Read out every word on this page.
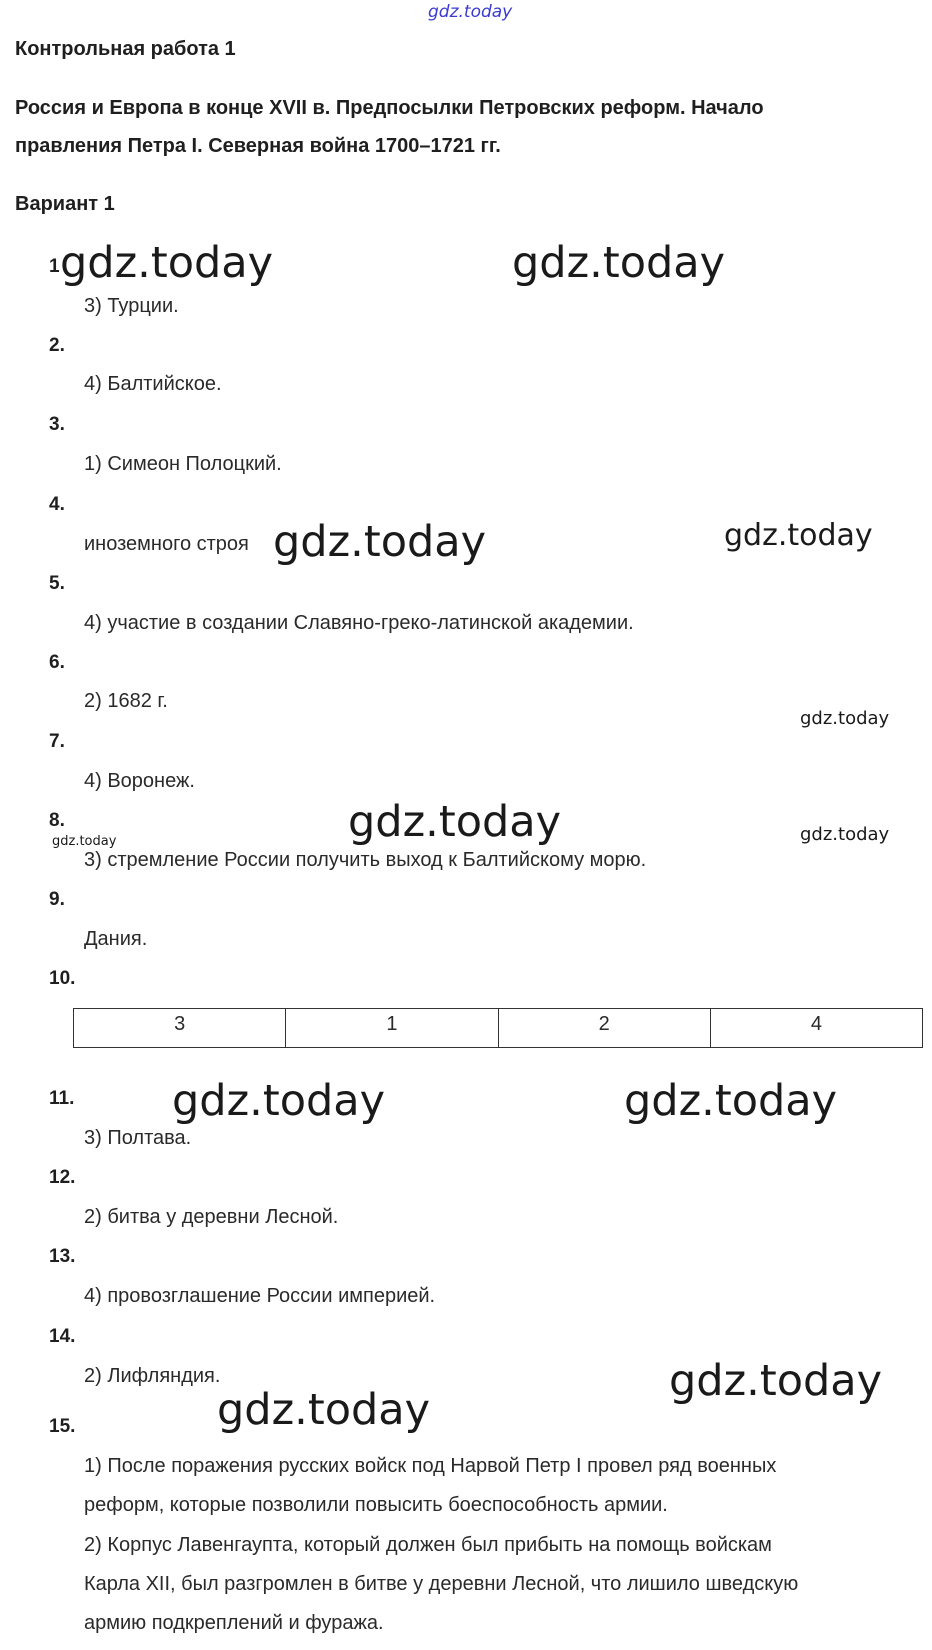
gdz.today
Контрольная работа 1
Россия и Европа в конце XVII в. Предпосылки Петровских реформ. Начало
правления Петра I. Северная война 1700–1721 гг.
Вариант 1
1
3) Турции.
2.
4) Балтийское.
3.
1) Симеон Полоцкий.
4.
иноземного строя
5.
4) участие в создании Славяно-греко-латинской академии.
6.
2) 1682 г.
7.
4) Воронеж.
8.
3) стремление России получить выход к Балтийскому морю.
9.
Дания.
10.
3	1	2	4
11.
3) Полтава.
12.
2) битва у деревни Лесной.
13.
4) провозглашение России империей.
14.
2) Лифляндия.
15.
1) После поражения русских войск под Нарвой Петр I провел ряд военных
реформ, которые позволили повысить боеспособность армии.
2) Корпус Лавенгаупта, который должен был прибыть на помощь войскам
Карла XII, был разгромлен в битве у деревни Лесной, что лишило шведскую
армию подкреплений и фуража.
gdz.today	gdz.today
gdz.today	gdz.today
gdz.today
gdz.today
gdz.today	gdz.today
gdz.today	gdz.today
gdz.today
gdz.today
